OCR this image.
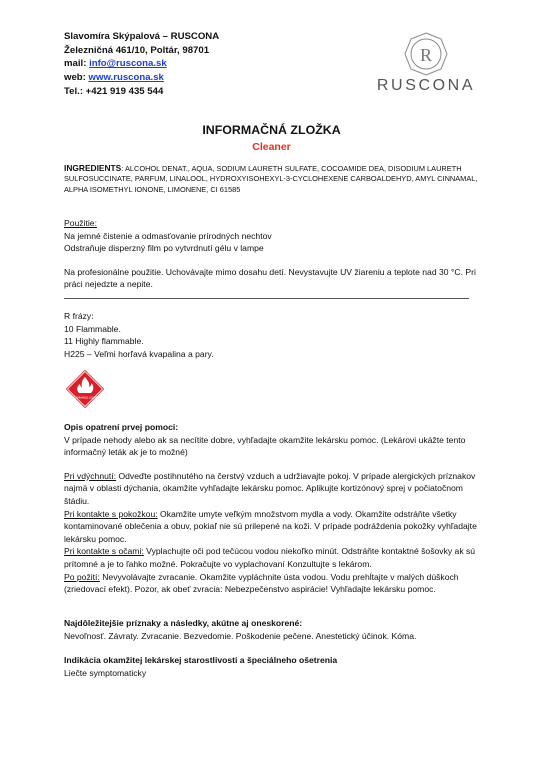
Slavomíra Skýpalová – RUSCONA
Železničná 461/10, Poltár, 98701
mail: info@ruscona.sk
web: www.ruscona.sk
Tel.: +421 919 435 544
R
RUSCONA
INFORMAČNÁ ZLOŽKA
Cleaner
INGREDIENTS: ALCOHOL DENAT., AQUA, SODIUM LAURETH SULFATE, COCOAMIDE DEA, DISODIUM LAURETH SULFOSUCCINATE, PARFUM, LINALOOL, HYDROXYISOHEXYL-3-CYCLOHEXENE CARBOALDEHYD, AMYL CINNAMAL, ALPHA ISOMETHYL IONONE, LIMONENE, CI 61585

Použitie:

Na jemné čistenie a odmasťovanie prírodných nechtov

Odstraňuje disperzný film po vytvrdnutí gélu v lampe

Na profesionálne použitie. Uchovávajte mimo dosahu detí. Nevystavujte UV žiareniu a teplote nad 30 °C. Pri práci nejedzte a nepite.

R frázy:

10 Flammable.

11 Highly flammable.

H225 – Veľmi horľavá kvapalina a pary.

FLAMMABLE LIQUID

Opis opatrení prvej pomoci:

V prípade nehody alebo ak sa necítite dobre, vyhľadajte okamžite lekársku pomoc. (Lekárovi ukážte tento informačný leták ak je to možné)

Pri vdýchnutí: Odveďte postihnutého na čerstvý vzduch a udržiavajte pokoj. V prípade alergických príznakov najmä v oblasti dýchania, okamžite vyhľadajte lekársku pomoc. Aplikujte kortizónový sprej v počiatočnom štádiu.

Pri kontakte s pokožkou: Okamžite umyte veľkým množstvom mydla a vody. Okamžite odstráňte všetky kontaminované oblečenia a obuv, pokiaľ nie sú prilepené na koži. V prípade podráždenia pokožky vyhľadajte lekársku pomoc.

Pri kontakte s očami: Vyplachujte oči pod tečúcou vodou niekoľko minút. Odstráňte kontaktné šošovky ak sú prítomné a je to ľahko možné. Pokračujte vo vyplachovaní Konzultujte s lekárom.

Po požití: Nevyvolávajte zvracanie. Okamžite vypláchnite ústa vodou. Vodu prehĺtajte v malých dúškoch (zriedovací efekt). Pozor, ak obeť zvracia: Nebezpečenstvo aspirácie! Vyhľadajte lekársku pomoc.

Najdôležitejšie príznaky a následky, akútne aj oneskorené:

Nevoľnosť. Závraty. Zvracanie. Bezvedomie. Poškodenie pečene. Anestetický účinok. Kóma.

Indikácia okamžitej lekárskej starostlivosti a špeciálneho ošetrenia

Liečte symptomaticky
